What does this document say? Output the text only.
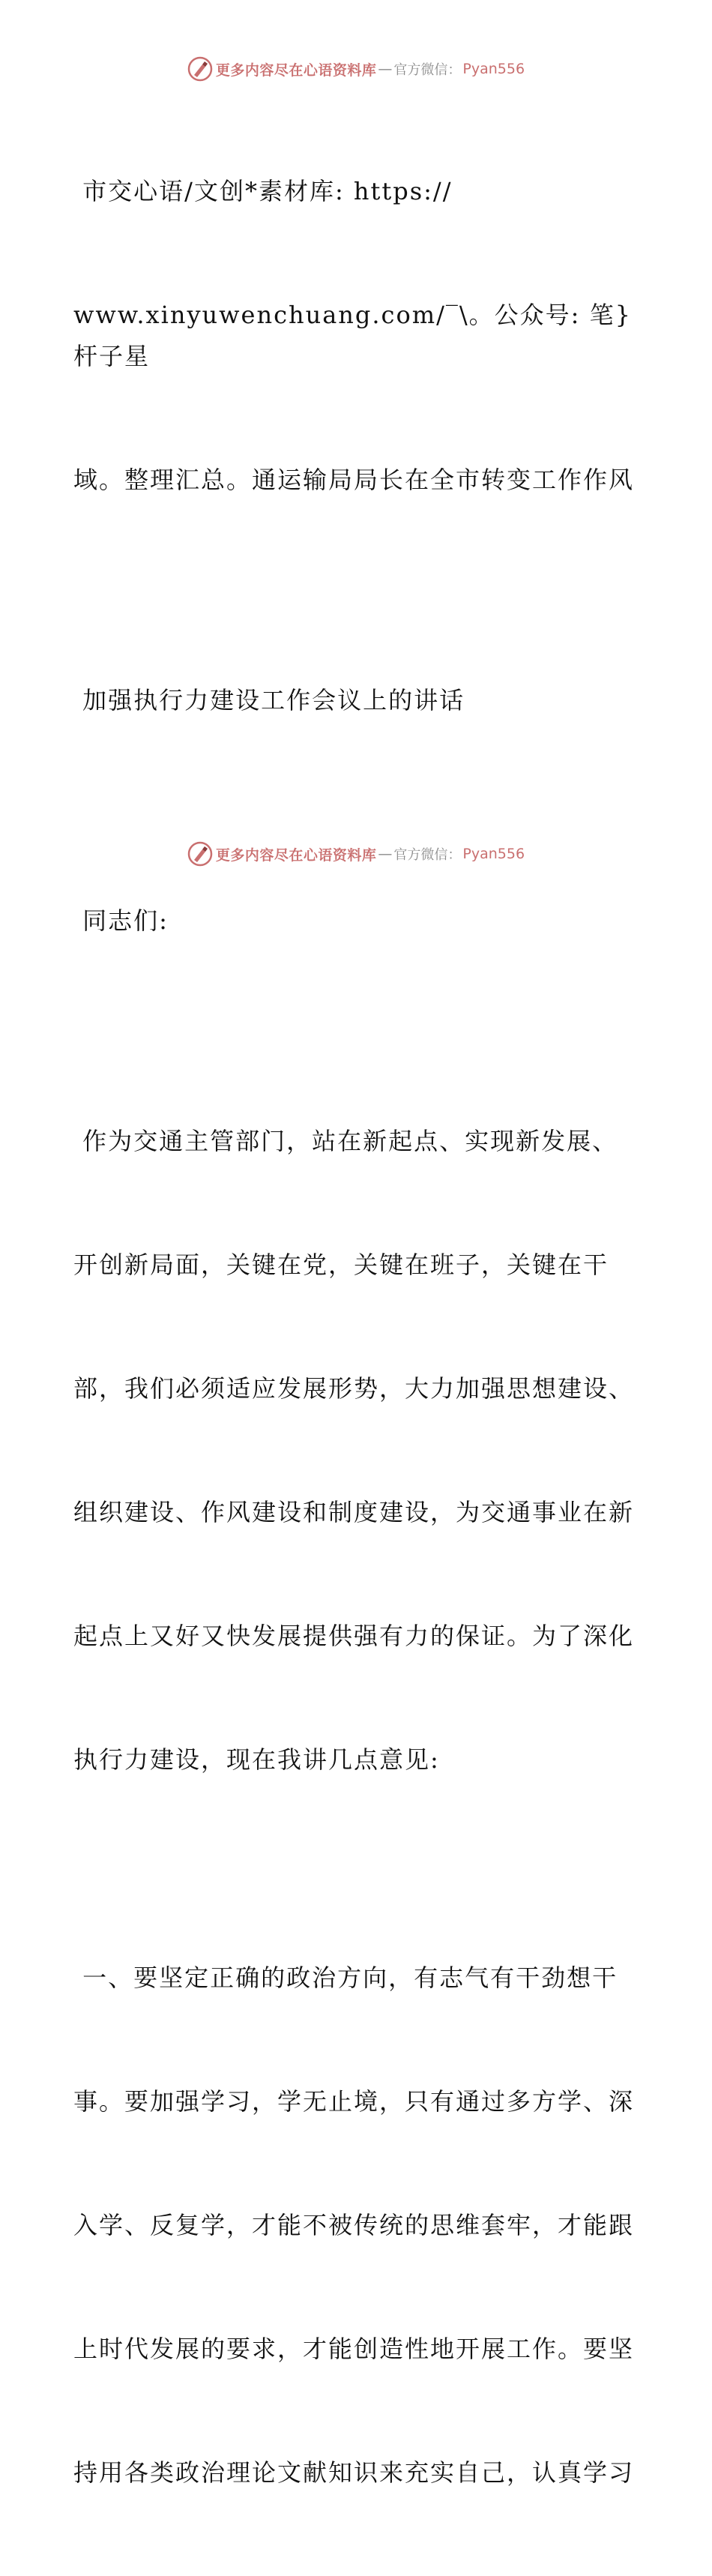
更多内容尽在心语资料库 — 官方微信： Pyan556

市交心语/文创*素材库: https://

www.xinyuwenchuang.com/‾\。公众号: 笔}杆子星

域。整理汇总。通运输局局长在全市转变工作作风

加强执行力建设工作会议上的讲话

同志们:

作为交通主管部门，站在新起点、实现新发展、

开创新局面，关键在党，关键在班子，关键在干

部，我们必须适应发展形势，大力加强思想建设、

组织建设、作风建设和制度建设，为交通事业在新

起点上又好又快发展提供强有力的保证。为了深化

执行力建设，现在我讲几点意见:

一、要坚定正确的政治方向，有志气有干劲想干

事。要加强学习，学无止境，只有通过多方学、深

入学、反复学，才能不被传统的思维套牢，才能跟

上时代发展的要求，才能创造性地开展工作。要坚

持用各类政治理论文献知识来充实自己，认真学习

更多内容尽在心语资料库 — 官方微信： Pyan556
